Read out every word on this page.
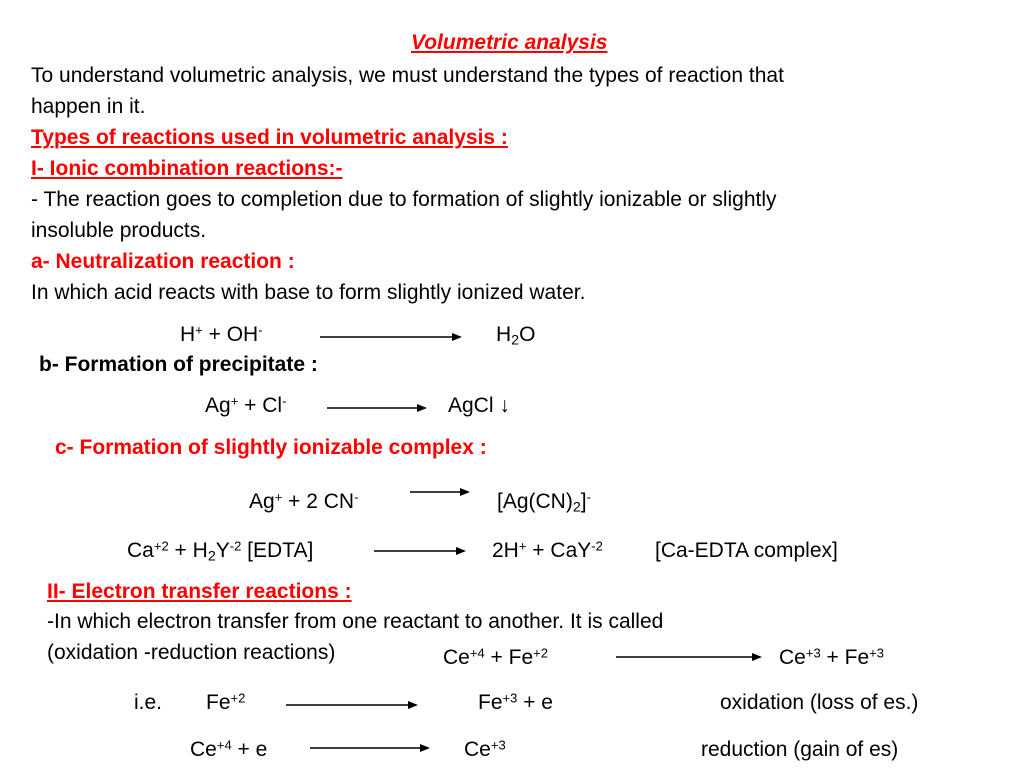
Volumetric analysis
To understand volumetric analysis, we must understand the types of reaction that
happen in it.
Types of reactions used in volumetric analysis :
I- Ionic combination reactions:-
- The reaction goes to completion due to formation of slightly ionizable or slightly
insoluble products.
a- Neutralization reaction :
In which acid reacts with base to form slightly ionized water.
H+ + OH-	$H_2O$
b- Formation of precipitate :
Ag+ + Cl-	AgCl ↓
c- Formation of slightly ionizable complex :
Ag+ + 2 CN-	$[Ag(CN)_2]^-$
$Ca^{+2} + H_2Y^{-2}$ [EDTA]	2H+ + CaY$^{-2}$ [Ca-EDTA complex]
II- Electron transfer reactions :
-In which electron transfer from one reactant to another. It is called
(oxidation -reduction reactions)	$Ce^{+4} + Fe^{+2}$	$Ce^{+3} + Fe^{+3}$
i.e. $Fe^{+2}$	$Fe^{+3} + e$	oxidation (loss of es.)
$Ce^{+4} + e$	$Ce^{+3}$	reduction (gain of es)
